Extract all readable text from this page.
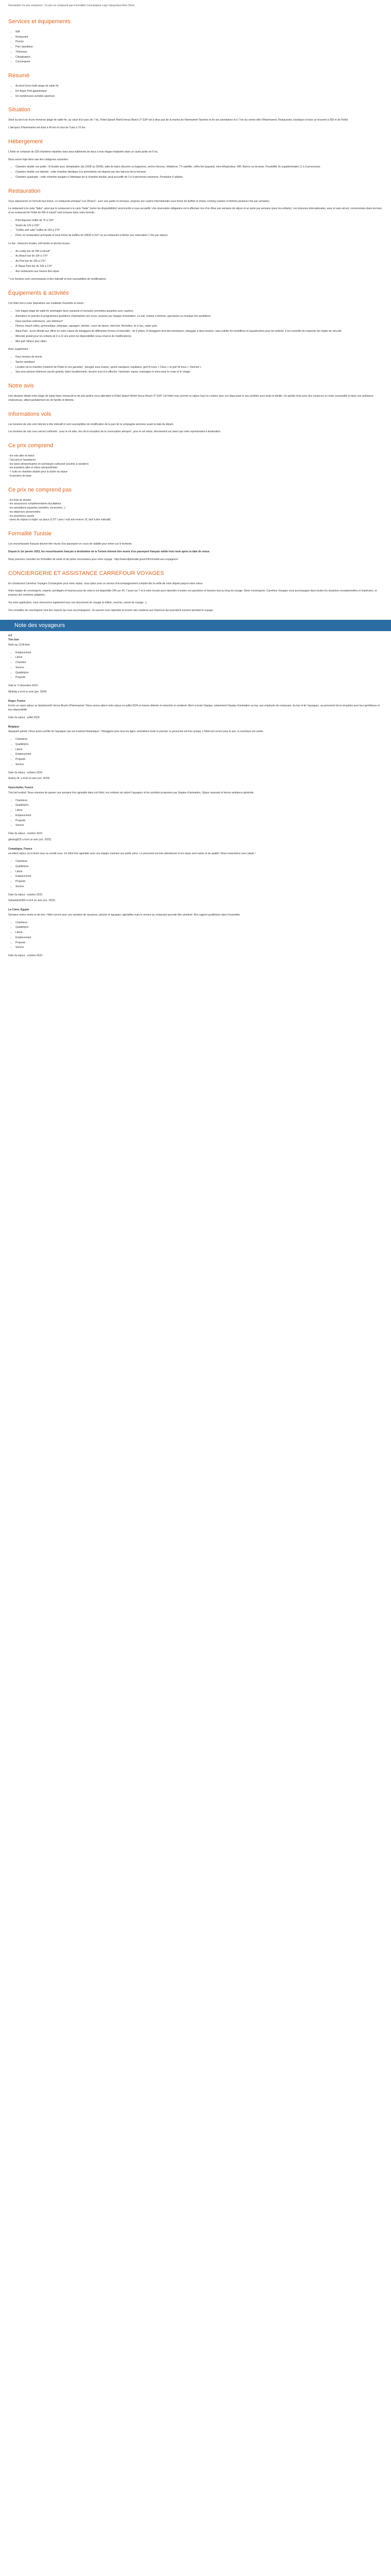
Description Ce prix comprend : Ce prix ne comprend pas Formalités Conciergerie Logo Vojoyo/xlux Avis Client
Services et équipements
• Wifi
• Restaurant
• Piscine
• Parc aquatique
• Télévision
• Climatisation
• Conciergerie
Résumé
• Au bord d'une belle plage de sable fin
• Em Aqua Park gigantesque
• De nombreuses activités sportives
Situation

Situé au bord sur d'une immense plage de sable fin, au cœur d'un parc de 7 ha, l'hôtel Splash World Venus Beach 3* SUP est à deux pas de la marina de Hammamet Yasmine et de ses animations et à 7 km du centre-ville d'Hammamet. Restaurants, boutiques et bars se trouvent à 500 m de l'hôtel.

L'aéroport d'Hammamet est situé à 40 km et celui de Tunis à 70 km.

Hébergement

L'hôtel se compose de 339 chambres réparties dans deux bâtiments de deux à trois étages implantés dans un vaste jardin de 6 ha.

Nous avons logé dans une des catégories suivantes :

• Chambre double vue jardin : lit double avec climatisation (du 15/06 au 30/09), salle de bains (douche ou baignoire), sèche-cheveux, téléphone, TV satellite, coffre-fort (payant), mini-réfrigérateur, Wifi. Balcon ou terrasse. Possibilité 3e supplémentaire (1 à 3 personnes).
• Chambre double vue latérale : cette chambre identique à la précédente est disposé par des balcons de la terrasse.
• Chambre quadruple : cette chambre équipée à l'identique de la chambre double, peut accueillir de 3 à 4 personnes maximum. Prestation 4 adultes.
Restauration

Vous séjournerez en formule tout inclus. Le restaurant principal "Les Oliviers", avec une partie en terrasse, propose une cuisine internationale sous forme de buffets et shows cooking (variées et thèmes plusieurs fois par semaine).

Le restaurant à la carte "Italia", ainsi que le restaurant à la carte "Italia" (selon les disponibilités) seront prêts à vous accueillir. Une réservation obligatoire est à effectuer lors d'un dîner par semaine de séjour et un autre par semaine (pour les enfants). Les boissons internationales, avec et sans alcool, consommées dans les bars et au restaurant de l'hôtel de 09h à minuit* sont incluses dans votre formule :

• Petit déjeuner buffet de 7h à 10h*
• Snack de 12h à 16h*
• "Coffee and cake" buffet de 16h à 17h*
• Dîner en restauration principale et sous forme de buffets de 18h30 à 21h* ou au restaurant à thème (sur réservation 1 fois par séjour)

Le bar : boissons locales, soft drinks et alcools locaux :

• Au Lobby bar de 09h à minuit*
• Au Beach bar de 10h à 17h*
• Au Pool bar de 10h à 17h*
• À l'Aqua Park bar de 10h à 17h*
• Aux restaurants aux heures des repas

* Les horaires sont communiqués à titre indicatif et sont susceptibles de modifications.

Équipements & activités

Cet hôtel met à votre disposition une multitude d'activités et loisirs :

• Une trappe plage de sable fin aménagée (avec parasols et transats) (serviettes payantes avec caution).
• Animation en journée et programmes quotidiens d'animations (en cours, proposé par l'équipe d'animation. La nuit, soirées à thèmes, spectacles ou musique live quotidiens.
• Deux piscines extérieures, une intérieure*
• Fitness, beach volley, gymnastique, pétanque, aquagym, aérobic, cours de danse, mini-foot, fléchettes, tir à l'arc, water-polo.
• Aqua Park : accès illimité aux offres en outre classe de toboggans de différentes formes et intensités : de 6 pistes, 8 toboggans dont des kamikazes, toboggan à deux bouées, sans oublier les tourbillons et aquaductions pour les enfants. Il est conseillé de respecter les règles de sécurité.
• Miniclub gratuit pour les enfants de 4 à 12 ans selon les disponibilités (sous réserve de modifications).
• Mini golf, billard, jeux vidéo.

Avec supplément :

• Deux terrains de tennis
• Sports nautiques
• Location de la chambre (matériel de l'hôtel et non garantie) : plongée sous marine, sports nautiques, équitation, golf (6 trous + Citrus + et golf 18 trous + Yasmine »
• Spa avec piscine intérieure (accès gratuit), bains bouillonnants, douche à jet et à affusion, hammam, sauna, massages et soins pour le corps et le visage.
Notre avis

Une situation idéale entre plage de sable blanc immaculé et de jolis jardins vous attendent à l'hôtel Splash World Venus Beach 3* SUP. Cet hôtel vous promet un séjour haut en couleur avec son Aqua park et ses activités pour toute la famille. Un parfait choix pour des vacances en toute convivialité et dans une ambiance chaleureuse, alliant parfaitement vie de famille et détente.

Informations vols

Les horaires de vols sont donnés à titre indicatif et sont susceptibles de modification de la part de la compagnie aérienne avant la date du départ.

Les horaires de vols vous seront confirmés : pour le vol aller, lors de la réception de la convocation aéroport ; pour le vol retour, directement sur place par notre représentant à destination.

Ce prix comprend

- les vols aller et retour

- l'accueil et l'assistance

- les taxes aéroportuaires et surcharges carburant (soumis à variation)

- les transferts aller et retour aéroport/hôtel

- 7 nuits en chambre double pour la durée du séjour

- la pension de base

Ce prix ne comprend pas

- les frais de dossier

- les assurances complémentaires facultatives

- les prestations payantes (activités, excursions...)

- les dépenses personnelles

- les pourboires usuels

- taxes de séjours à régler sur place (3 DT / pers / nuit soit environ 1€, tarif à titre indicatif)

Formalité Tunisie

Les ressortissants français doivent être munis d'un passeport en cours de validité pour entrer sur le territoire.

Depuis le 1er janvier 2023, les ressortissants français à destination de la Tunisie doivent être munis d'un passeport français valide trois mois après la date de retour.

Nous pouvons consulter les formalités de santé et de police nécessaires pour votre voyage : http://www.diplomatie.gouv.fr/fr/conseils-aux-voyageurs/

CONCIERGERIE ET ASSISTANCE CARREFOUR VOYAGES

En choisissant Carrefour Voyages Conciergerie pour votre séjour, vous optez pour un service d'accompagnement complet dès la veille de votre départ jusqu'à votre retour.

Votre équipe de conciergerie, experts, privilégiés et heureux pour de celui-ci est disponible 24h sur 24, 7 jours sur 7 et à votre écoute pour répondre à toutes vos questions et besoins tout au long du voyage. Notre conciergerie, Carrefour Voyages vous accompagne dans toutes les situations exceptionnelles et imprévues, et propose des solutions adaptées.

Via notre application, vous retrouverez également tous vos documents de voyage (e-billets, voucher, carnet de voyage...).

Vos conseiller de conciergerie sont des experts qui vous accompagnent : ils sauront vous répondre et trouver des solutions aux imprévus qui pourraient survenir pendant le voyage.

Note des voyageurs
4.4
Très bon

Noté sur 2128 Avis

• Emplacement
• Literie
• Chambre
• Service
• Qualité/prix
• Propreté
Voté le: 5 décembre 2024
AElinkg a écrit un avis (jan. 2024)
Roger, France

Excès un super séjour au Splashworld Venus Beach d'Hammamet ! Nous avons adoré notre séjour en juillet 2024 en bonne détente et remontés le vendredi. Merci à toute l'équipe, notamment l'équipe d'animation au top, aux employés du restaurant, du bar et de l'aquaparc, au personnel de la réception pour leur gentillesse et leur disponibilité.

Date du séjour : juillet 2024
Belgique

Aquapark génial ! Nous avons profité de l'aquaparc qui est vraiment fantastique ! Toboggans pour tous les âges, animations toute la journée, le personnel est très sympa. L'hôtel est correct pour le prix, la nourriture est variée.

• Chambres
• Qualité/prix
• Literie
• Emplacement
• Propreté
• Service
Date du séjour : octobre 2024
Audrey M. a écrit un avis (oct. 2024)
Hymcrtiuiter, France

Très bel endroit. Nous sommes de passer une semaine très agréable dans cet hôtel, nos enfants ont adoré l'aquaparc et les activités proposées par l'équipe d'animation. Séjour reposant et bonne ambiance générale.

• Chambres
• Qualité/prix
• Literie
• Emplacement
• Propreté
• Service
Date du séjour : octobre 2023
gilestug623 a écrit un avis (oct. 2023)
Compiègne, France

excellent séjour où la fierté nous se vendit vous. Un hôtel très agréable avec une équipe vraiment aux petits soins. Le personnel est très attentionné et les repas sont variés et de qualité. Nous reviendrons avec plaisir !

• Chambres
• Qualité/prix
• Literie
• Emplacement
• Propreté
• Service
Date du séjour : octobre 2023
Sebastien6390 a écrit un avis (oct. 2023)
La Coine, Egypte

Semaine moins moins et de bon. Hôtel correct pour une semaine de vacances, piscine et aquaparc agréables mais le service au restaurant pourrait être amélioré. Bon rapport qualité/prix dans l'ensemble.

• Chambres
• Qualité/prix
• Literie
• Emplacement
• Propreté
• Service
Date du séjour : octobre 2023
